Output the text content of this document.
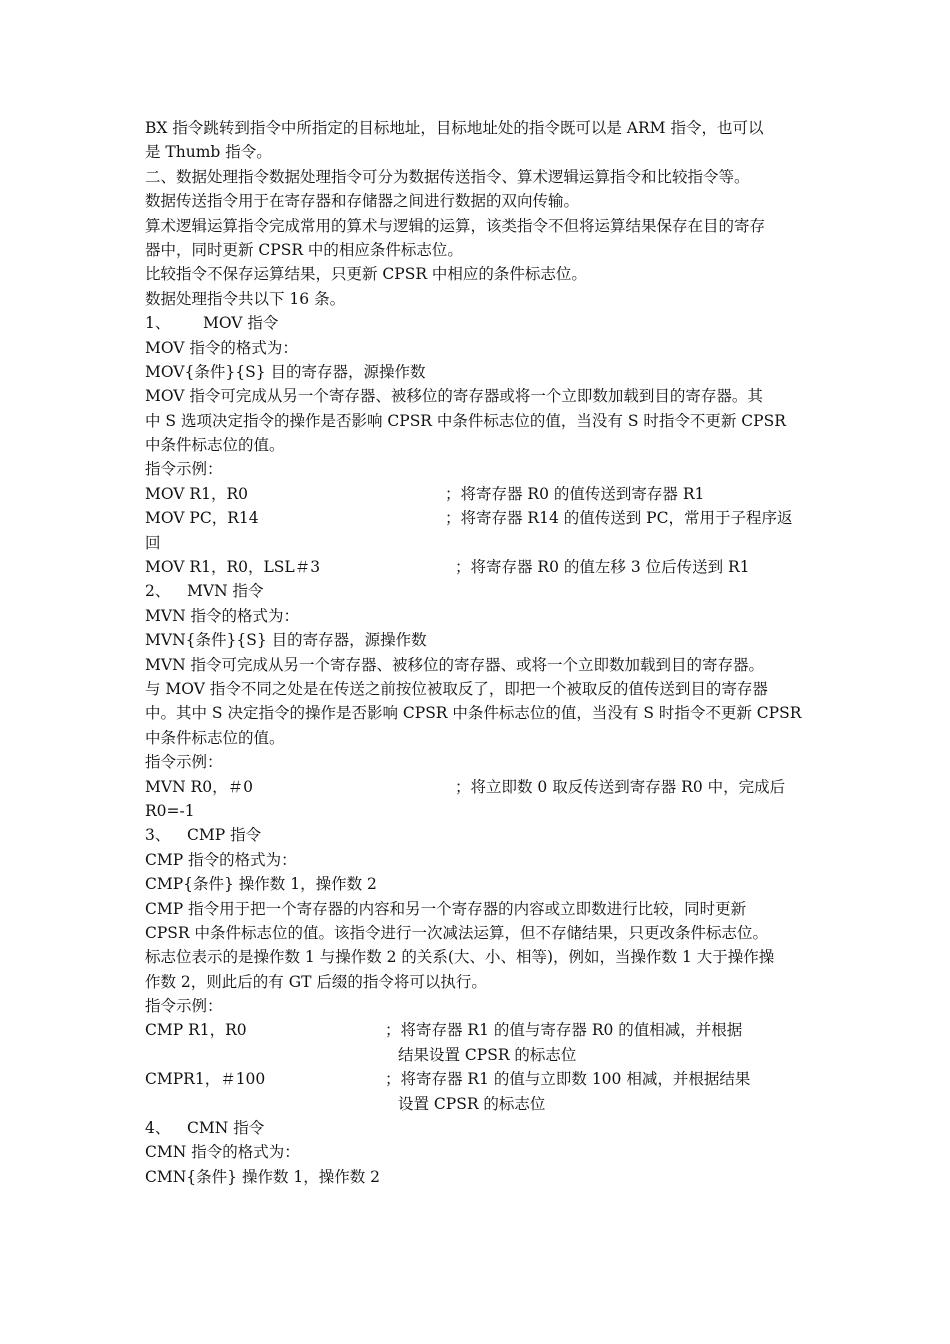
BX 指令跳转到指令中所指定的目标地址，目标地址处的指令既可以是 ARM 指令，也可以
是 Thumb 指令。
二、数据处理指令数据处理指令可分为数据传送指令、算术逻辑运算指令和比较指令等。
数据传送指令用于在寄存器和存储器之间进行数据的双向传输。
算术逻辑运算指令完成常用的算术与逻辑的运算，该类指令不但将运算结果保存在目的寄存
器中，同时更新 CPSR 中的相应条件标志位。
比较指令不保存运算结果，只更新 CPSR 中相应的条件标志位。
数据处理指令共以下 16 条。
1、 MOV 指令
MOV 指令的格式为：
MOV{条件}{S} 目的寄存器，源操作数
MOV 指令可完成从另一个寄存器、被移位的寄存器或将一个立即数加载到目的寄存器。其
中 S 选项决定指令的操作是否影响 CPSR 中条件标志位的值，当没有 S 时指令不更新 CPSR
中条件标志位的值。
指令示例：
MOV R1，R0	；将寄存器 R0 的值传送到寄存器 R1
MOV PC，R14	；将寄存器 R14 的值传送到 PC，常用于子程序返
回
MOV R1，R0，LSL＃3	；将寄存器 R0 的值左移 3 位后传送到 R1
2、 MVN 指令
MVN 指令的格式为：
MVN{条件}{S} 目的寄存器，源操作数
MVN 指令可完成从另一个寄存器、被移位的寄存器、或将一个立即数加载到目的寄存器。
与 MOV 指令不同之处是在传送之前按位被取反了，即把一个被取反的值传送到目的寄存器
中。其中 S 决定指令的操作是否影响 CPSR 中条件标志位的值，当没有 S 时指令不更新 CPSR
中条件标志位的值。
指令示例：
MVN R0，＃0	；将立即数 0 取反传送到寄存器 R0 中，完成后
R0=-1
3、 CMP 指令
CMP 指令的格式为：
CMP{条件} 操作数 1，操作数 2
CMP 指令用于把一个寄存器的内容和另一个寄存器的内容或立即数进行比较，同时更新
CPSR 中条件标志位的值。该指令进行一次减法运算，但不存储结果，只更改条件标志位。
标志位表示的是操作数 1 与操作数 2 的关系(大、小、相等)，例如，当操作数 1 大于操作操
作数 2，则此后的有 GT 后缀的指令将可以执行。
指令示例：
CMP R1，R0	；将寄存器 R1 的值与寄存器 R0 的值相减，并根据
结果设置 CPSR 的标志位
CMPR1，＃100	；将寄存器 R1 的值与立即数 100 相减，并根据结果
设置 CPSR 的标志位
4、 CMN 指令
CMN 指令的格式为：
CMN{条件} 操作数 1，操作数 2
